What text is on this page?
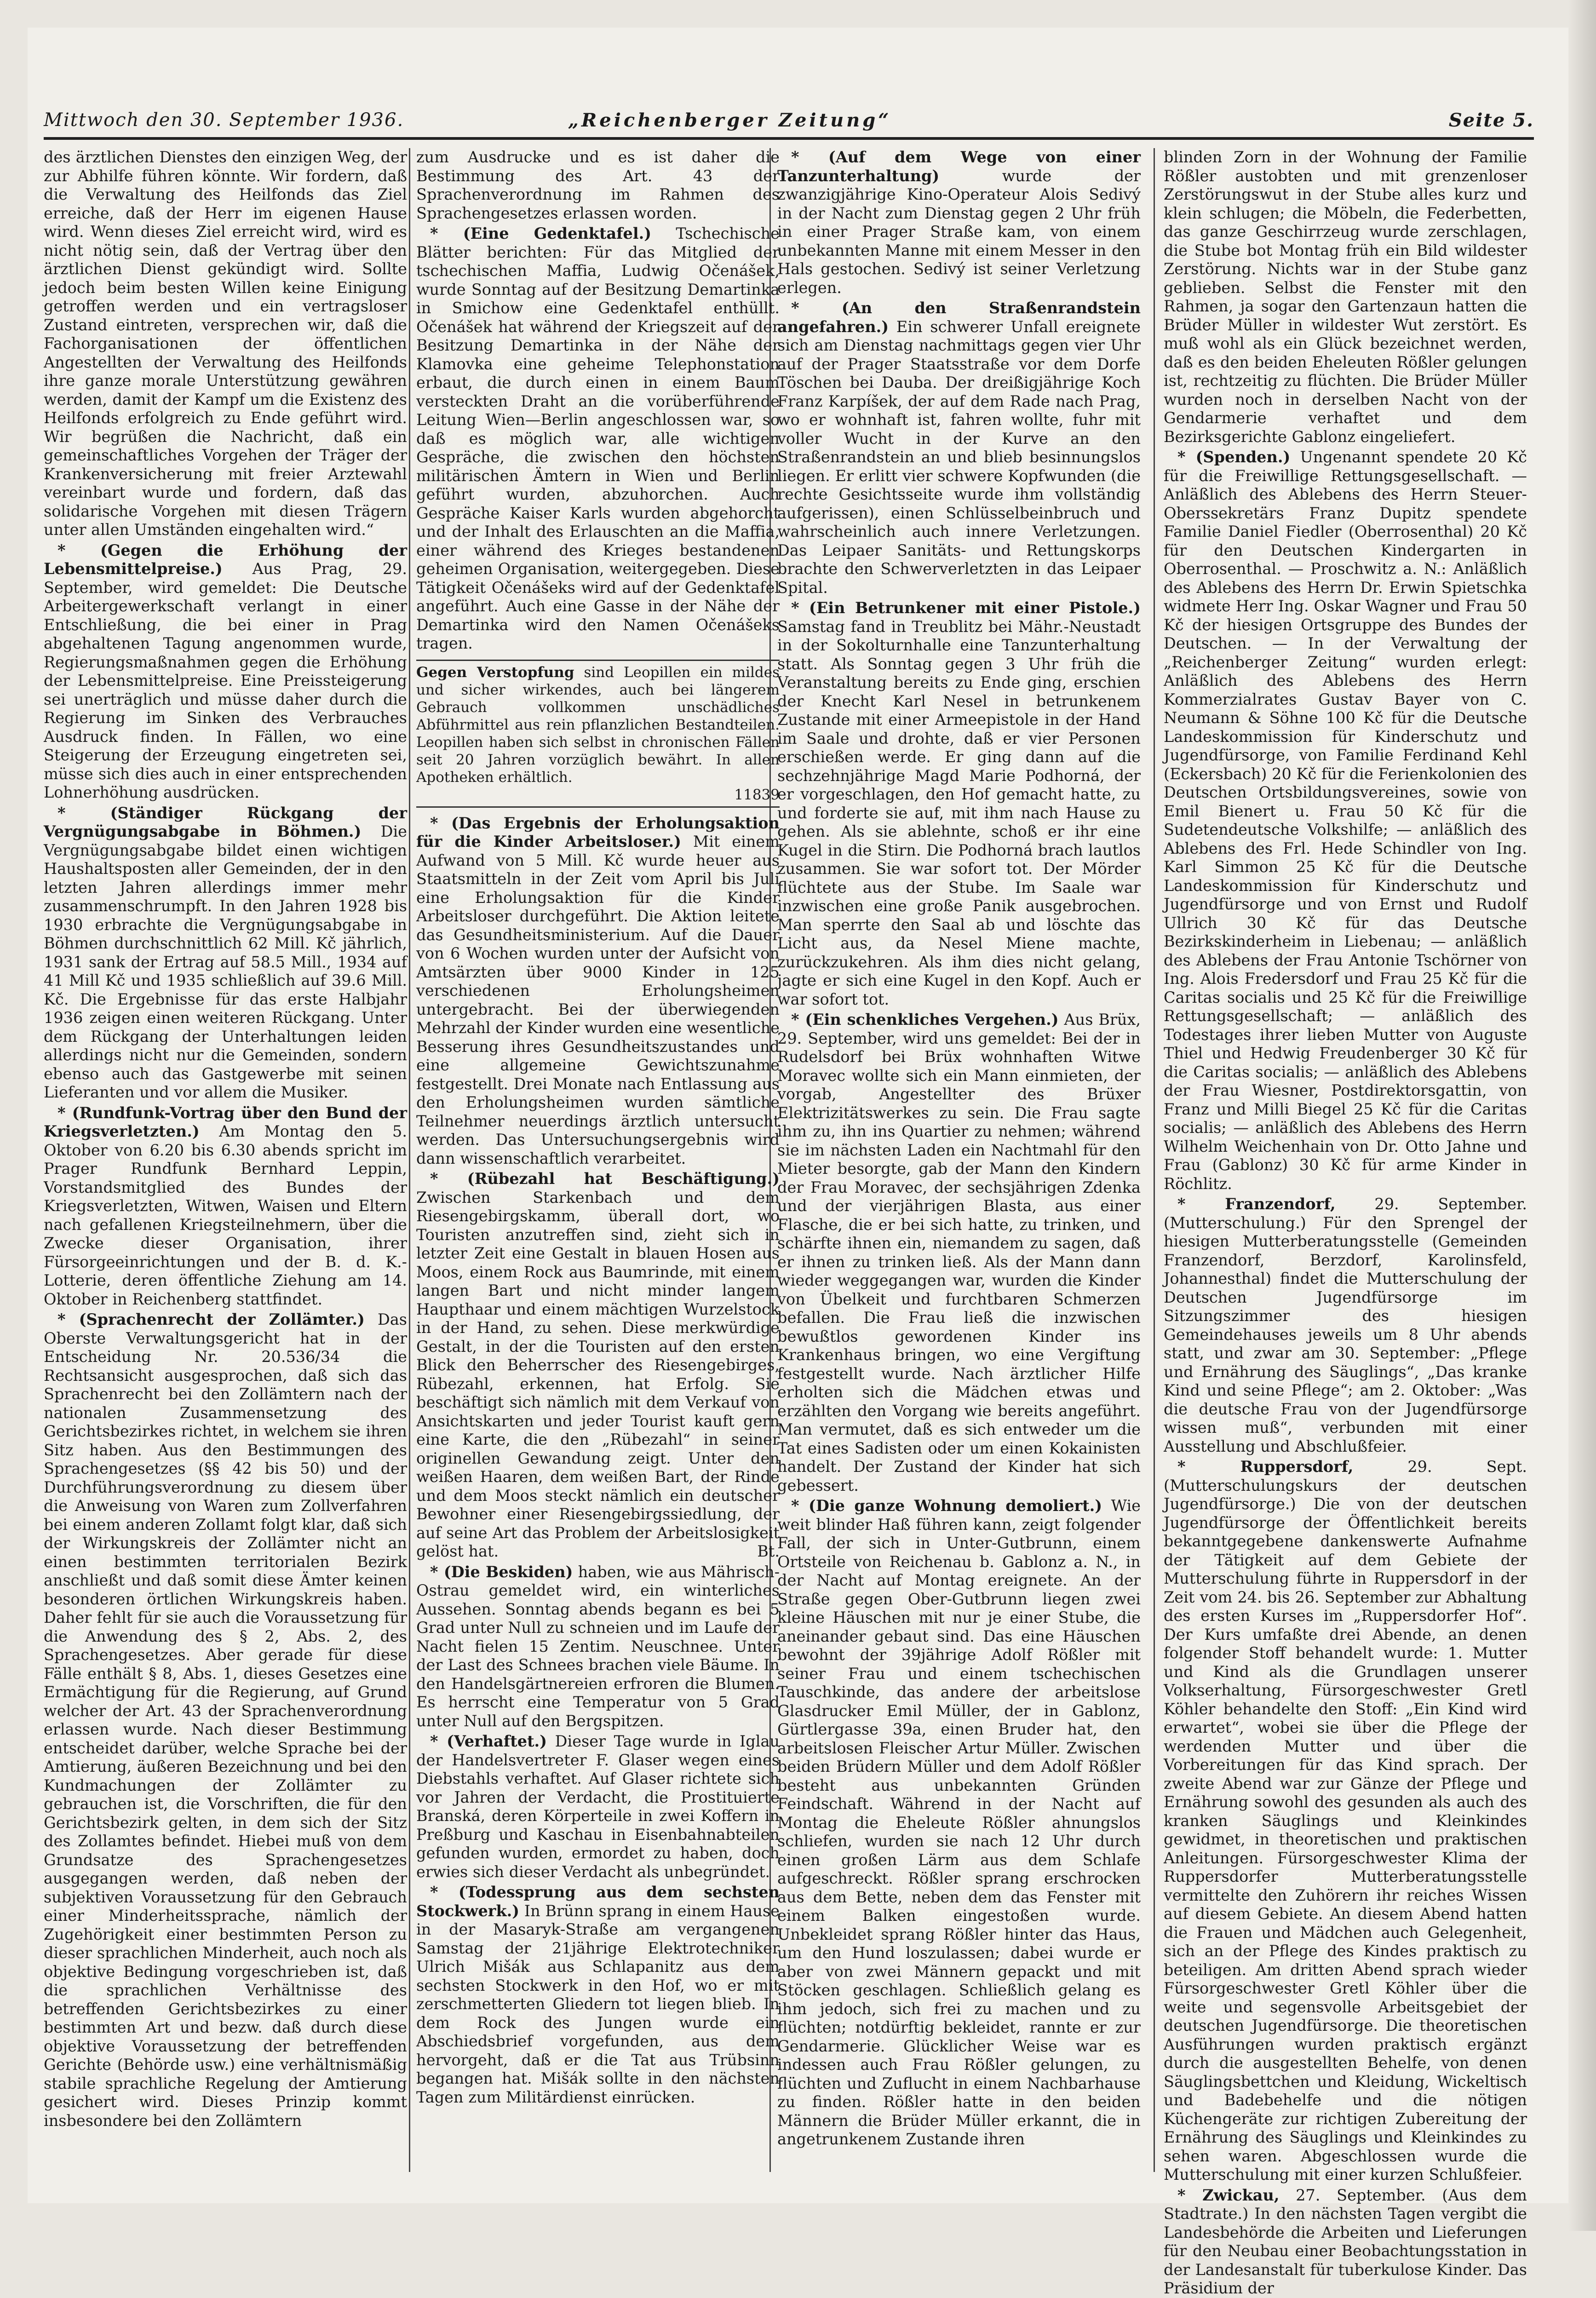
Mittwoch den 30. September 1936.	„Reichenberger Zeitung“	Seite 5.

des ärztlichen Dienstes den einzigen Weg, der zur Abhilfe führen könnte. Wir fordern, daß die Verwaltung des Heilfonds das Ziel erreiche, daß der Herr im eigenen Hause wird. Wenn dieses Ziel erreicht wird, wird es nicht nötig sein, daß der Vertrag über den ärztlichen Dienst gekündigt wird. Sollte jedoch beim besten Willen keine Einigung getroffen werden und ein vertragsloser Zustand eintreten, versprechen wir, daß die Fachorganisationen der öffentlichen Angestellten der Verwaltung des Heilfonds ihre ganze morale Unterstützung gewähren werden, damit der Kampf um die Existenz des Heilfonds erfolgreich zu Ende geführt wird. Wir begrüßen die Nachricht, daß ein gemeinschaftliches Vorgehen der Träger der Krankenversicherung mit freier Arztewahl vereinbart wurde und fordern, daß das solidarische Vorgehen mit diesen Trägern unter allen Umständen eingehalten wird.“

* (Gegen die Erhöhung der Lebensmittelpreise.) Aus Prag, 29. September, wird gemeldet: Die Deutsche Arbeitergewerkschaft verlangt in einer Entschließung, die bei einer in Prag abgehaltenen Tagung angenommen wurde, Regierungsmaßnahmen gegen die Erhöhung der Lebensmittelpreise. Eine Preissteigerung sei unerträglich und müsse daher durch die Regierung im Sinken des Verbrauches Ausdruck finden. In Fällen, wo eine Steigerung der Erzeugung eingetreten sei, müsse sich dies auch in einer entsprechenden Lohnerhöhung ausdrücken.

* (Ständiger Rückgang der Vergnügungsabgabe in Böhmen.) Die Vergnügungsabgabe bildet einen wichtigen Haushaltsposten aller Gemeinden, der in den letzten Jahren allerdings immer mehr zusammenschrumpft. In den Jahren 1928 bis 1930 erbrachte die Vergnügungsabgabe in Böhmen durchschnittlich 62 Mill. Kč jährlich, 1931 sank der Ertrag auf 58.5 Mill., 1934 auf 41 Mill Kč und 1935 schließlich auf 39.6 Mill. Kč. Die Ergebnisse für das erste Halbjahr 1936 zeigen einen weiteren Rückgang. Unter dem Rückgang der Unterhaltungen leiden allerdings nicht nur die Gemeinden, sondern ebenso auch das Gastgewerbe mit seinen Lieferanten und vor allem die Musiker.

* (Rundfunk-Vortrag über den Bund der Kriegsverletzten.) Am Montag den 5. Oktober von 6.20 bis 6.30 abends spricht im Prager Rundfunk Bernhard Leppin, Vorstandsmitglied des Bundes der Kriegsverletzten, Witwen, Waisen und Eltern nach gefallenen Kriegsteilnehmern, über die Zwecke dieser Organisation, ihrer Fürsorgeeinrichtungen und der B. d. K.-Lotterie, deren öffentliche Ziehung am 14. Oktober in Reichenberg stattfindet.

* (Sprachenrecht der Zollämter.) Das Oberste Verwaltungsgericht hat in der Entscheidung Nr. 20.536/34 die Rechtsansicht ausgesprochen, daß sich das Sprachenrecht bei den Zollämtern nach der nationalen Zusammensetzung des Gerichtsbezirkes richtet, in welchem sie ihren Sitz haben. Aus den Bestimmungen des Sprachengesetzes (§§ 42 bis 50) und der Durchführungsverordnung zu diesem über die Anweisung von Waren zum Zollverfahren bei einem anderen Zollamt folgt klar, daß sich der Wirkungskreis der Zollämter nicht an einen bestimmten territorialen Bezirk anschließt und daß somit diese Ämter keinen besonderen örtlichen Wirkungskreis haben. Daher fehlt für sie auch die Voraussetzung für die Anwendung des § 2, Abs. 2, des Sprachengesetzes. Aber gerade für diese Fälle enthält § 8, Abs. 1, dieses Gesetzes eine Ermächtigung für die Regierung, auf Grund welcher der Art. 43 der Sprachenverordnung erlassen wurde. Nach dieser Bestimmung entscheidet darüber, welche Sprache bei der Amtierung, äußeren Bezeichnung und bei den Kundmachungen der Zollämter zu gebrauchen ist, die Vorschriften, die für den Gerichtsbezirk gelten, in dem sich der Sitz des Zollamtes befindet. Hiebei muß von dem Grundsatze des Sprachengesetzes ausgegangen werden, daß neben der subjektiven Voraussetzung für den Gebrauch einer Minderheitssprache, nämlich der Zugehörigkeit einer bestimmten Person zu dieser sprachlichen Minderheit, auch noch als objektive Bedingung vorgeschrieben ist, daß die sprachlichen Verhältnisse des betreffenden Gerichtsbezirkes zu einer bestimmten Art und bezw. daß durch diese objektive Voraussetzung der betreffenden Gerichte (Behörde usw.) eine verhältnismäßig stabile sprachliche Regelung der Amtierung gesichert wird. Dieses Prinzip kommt insbesondere bei den Zollämtern

zum Ausdrucke und es ist daher die Bestimmung des Art. 43 der Sprachenverordnung im Rahmen des Sprachengesetzes erlassen worden.

* (Eine Gedenktafel.) Tschechische Blätter berichten: Für das Mitglied der tschechischen Maffia, Ludwig Očenášek, wurde Sonntag auf der Besitzung Demartinka in Smichow eine Gedenktafel enthüllt. Očenášek hat während der Kriegszeit auf der Besitzung Demartinka in der Nähe der Klamovka eine geheime Telephonstation erbaut, die durch einen in einem Baum versteckten Draht an die vorüberführende Leitung Wien—Berlin angeschlossen war, so daß es möglich war, alle wichtigen Gespräche, die zwischen den höchsten militärischen Ämtern in Wien und Berlin geführt wurden, abzuhorchen. Auch Gespräche Kaiser Karls wurden abgehorcht und der Inhalt des Erlauschten an die Maffia, einer während des Krieges bestandenen geheimen Organisation, weitergegeben. Diese Tätigkeit Očenášeks wird auf der Gedenktafel angeführt. Auch eine Gasse in der Nähe der Demartinka wird den Namen Očenášeks tragen.

Gegen Verstopfung sind Leopillen ein mildes und sicher wirkendes, auch bei längerem Gebrauch vollkommen unschädliches Abführmittel aus rein pflanzlichen Bestandteilen. Leopillen haben sich selbst in chronischen Fällen seit 20 Jahren vorzüglich bewährt. In allen Apotheken erhältlich.
11839

* (Das Ergebnis der Erholungsaktion für die Kinder Arbeitsloser.) Mit einem Aufwand von 5 Mill. Kč wurde heuer aus Staatsmitteln in der Zeit vom April bis Juli eine Erholungsaktion für die Kinder Arbeitsloser durchgeführt. Die Aktion leitete das Gesundheitsministerium. Auf die Dauer von 6 Wochen wurden unter der Aufsicht von Amtsärzten über 9000 Kinder in 125 verschiedenen Erholungsheimen untergebracht. Bei der überwiegenden Mehrzahl der Kinder wurden eine wesentliche Besserung ihres Gesundheitszustandes und eine allgemeine Gewichtszunahme festgestellt. Drei Monate nach Entlassung aus den Erholungsheimen wurden sämtliche Teilnehmer neuerdings ärztlich untersucht werden. Das Untersuchungsergebnis wird dann wissenschaftlich verarbeitet.

* (Rübezahl hat Beschäftigung.) Zwischen Starkenbach und dem Riesengebirgskamm, überall dort, wo Touristen anzutreffen sind, zieht sich in letzter Zeit eine Gestalt in blauen Hosen aus Moos, einem Rock aus Baumrinde, mit einem langen Bart und nicht minder langem Haupthaar und einem mächtigen Wurzelstock in der Hand, zu sehen. Diese merkwürdige Gestalt, in der die Touristen auf den ersten Blick den Beherrscher des Riesengebirges, Rübezahl, erkennen, hat Erfolg. Sie beschäftigt sich nämlich mit dem Verkauf von Ansichtskarten und jeder Tourist kauft gern eine Karte, die den „Rübezahl“ in seiner originellen Gewandung zeigt. Unter den weißen Haaren, dem weißen Bart, der Rinde und dem Moos steckt nämlich ein deutscher Bewohner einer Riesengebirgssiedlung, der auf seine Art das Problem der Arbeitslosigkeit gelöst hat.	Bt.

* (Die Beskiden) haben, wie aus Mährisch-Ostrau gemeldet wird, ein winterliches Aussehen. Sonntag abends begann es bei 5 Grad unter Null zu schneien und im Laufe der Nacht fielen 15 Zentim. Neuschnee. Unter der Last des Schnees brachen viele Bäume. In den Handelsgärtnereien erfroren die Blumen. Es herrscht eine Temperatur von 5 Grad unter Null auf den Bergspitzen.

* (Verhaftet.) Dieser Tage wurde in Iglau der Handelsvertreter F. Glaser wegen eines Diebstahls verhaftet. Auf Glaser richtete sich vor Jahren der Verdacht, die Prostituierte Branská, deren Körperteile in zwei Koffern in Preßburg und Kaschau in Eisenbahnabteilen gefunden wurden, ermordet zu haben, doch erwies sich dieser Verdacht als unbegründet.

* (Todessprung aus dem sechsten Stockwerk.) In Brünn sprang in einem Hause in der Masaryk-Straße am vergangenen Samstag der 21jährige Elektrotechniker Ulrich Mišák aus Schlapanitz aus dem sechsten Stockwerk in den Hof, wo er mit zerschmetterten Gliedern tot liegen blieb. In dem Rock des Jungen wurde ein Abschiedsbrief vorgefunden, aus dem hervorgeht, daß er die Tat aus Trübsinn begangen hat. Mišák sollte in den nächsten Tagen zum Militärdienst einrücken.

* (Auf dem Wege von einer Tanzunterhaltung)	wurde der zwanzigjährige Kino-Operateur Alois Sedivý in der Nacht zum Dienstag gegen 2 Uhr früh in einer Prager Straße kam, von einem unbekannten Manne mit einem Messer in den Hals gestochen. Sedivý ist seiner Verletzung erlegen.

* (An den Straßenrandstein angefahren.) Ein schwerer Unfall ereignete sich am Dienstag nachmittags gegen vier Uhr auf der Prager Staatsstraße vor dem Dorfe Töschen bei Dauba. Der dreißigjährige Koch Franz Karpíšek, der auf dem Rade nach Prag, wo er wohnhaft ist, fahren wollte, fuhr mit voller Wucht in der Kurve an den Straßenrandstein an und blieb besinnungslos liegen. Er erlitt vier schwere Kopfwunden (die rechte Gesichtsseite wurde ihm vollständig aufgerissen), einen Schlüsselbeinbruch und wahrscheinlich auch innere Verletzungen. Das Leipaer Sanitäts- und Rettungskorps brachte den Schwerverletzten in das Leipaer Spital.

* (Ein Betrunkener mit einer Pistole.) Samstag fand in Treublitz bei Mähr.-Neustadt in der Sokolturnhalle eine Tanzunterhaltung statt. Als Sonntag gegen 3 Uhr früh die Veranstaltung bereits zu Ende ging, erschien der Knecht Karl Nesel in betrunkenem Zustande mit einer Armeepistole in der Hand im Saale und drohte, daß er vier Personen erschießen werde. Er ging dann auf die sechzehnjährige Magd Marie Podhorná, der er vorgeschlagen, den Hof gemacht hatte, zu und forderte sie auf, mit ihm nach Hause zu gehen. Als sie ablehnte, schoß er ihr eine Kugel in die Stirn. Die Podhorná brach lautlos zusammen. Sie war sofort tot. Der Mörder flüchtete aus der Stube. Im Saale war inzwischen eine große Panik ausgebrochen. Man sperrte den Saal ab und löschte das Licht aus, da Nesel Miene machte, zurückzukehren. Als ihm dies nicht gelang, jagte er sich eine Kugel in den Kopf. Auch er war sofort tot.

* (Ein schenkliches Vergehen.) Aus Brüx, 29. September, wird uns gemeldet: Bei der in Rudelsdorf bei Brüx wohnhaften Witwe Moravec wollte sich ein Mann einmieten, der vorgab, Angestellter des Brüxer Elektrizitätswerkes zu sein. Die Frau sagte ihm zu, ihn ins Quartier zu nehmen; während sie im nächsten Laden ein Nachtmahl für den Mieter besorgte, gab der Mann den Kindern der Frau Moravec, der sechsjährigen Zdenka und der vierjährigen Blasta, aus einer Flasche, die er bei sich hatte, zu trinken, und schärfte ihnen ein, niemandem zu sagen, daß er ihnen zu trinken ließ. Als der Mann dann wieder weggegangen war, wurden die Kinder von Übelkeit und furchtbaren Schmerzen befallen. Die Frau ließ die inzwischen bewußtlos gewordenen Kinder ins Krankenhaus bringen, wo eine Vergiftung festgestellt wurde. Nach ärztlicher Hilfe erholten sich die Mädchen etwas und erzählten den Vorgang wie bereits angeführt. Man vermutet, daß es sich entweder um die Tat eines Sadisten oder um einen Kokainisten handelt. Der Zustand der Kinder hat sich gebessert.

* (Die ganze Wohnung demoliert.) Wie weit blinder Haß führen kann, zeigt folgender Fall, der sich in Unter-Gutbrunn, einem Ortsteile von Reichenau b. Gablonz a. N., in der Nacht auf Montag ereignete. An der Straße gegen Ober-Gutbrunn liegen zwei kleine Häuschen mit nur je einer Stube, die aneinander gebaut sind. Das eine Häuschen bewohnt der 39jährige Adolf Rößler mit seiner Frau und einem tschechischen Tauschkinde, das andere der arbeitslose Glasdrucker Emil Müller, der in Gablonz, Gürtlergasse 39a, einen Bruder hat, den arbeitslosen Fleischer Artur Müller. Zwischen beiden Brüdern Müller und dem Adolf Rößler besteht aus unbekannten Gründen Feindschaft. Während in der Nacht auf Montag die Eheleute Rößler ahnungslos schliefen, wurden sie nach 12 Uhr durch einen großen Lärm aus dem Schlafe aufgeschreckt. Rößler sprang erschrocken aus dem Bette, neben dem das Fenster mit einem Balken eingestoßen wurde. Unbekleidet sprang Rößler hinter das Haus, um den Hund loszulassen; dabei wurde er aber von zwei Männern gepackt und mit Stöcken geschlagen. Schließlich gelang es ihm jedoch, sich frei zu machen und zu flüchten; notdürftig bekleidet, rannte er zur Gendarmerie. Glücklicher Weise war es indessen auch Frau Rößler gelungen, zu flüchten und Zuflucht in einem Nachbarhause zu finden. Rößler hatte in den beiden Männern die Brüder Müller erkannt, die in angetrunkenem Zustande ihren

blinden Zorn in der Wohnung der Familie Rößler austobten und mit grenzenloser Zerstörungswut in der Stube alles kurz und klein schlugen; die Möbeln, die Federbetten, das ganze Geschirrzeug wurde zerschlagen, die Stube bot Montag früh ein Bild wildester Zerstörung. Nichts war in der Stube ganz geblieben. Selbst die Fenster mit den Rahmen, ja sogar den Gartenzaun hatten die Brüder Müller in wildester Wut zerstört. Es muß wohl als ein Glück bezeichnet werden, daß es den beiden Eheleuten Rößler gelungen ist, rechtzeitig zu flüchten. Die Brüder Müller wurden noch in derselben Nacht von der Gendarmerie verhaftet und dem Bezirksgerichte Gablonz eingeliefert.

* (Spenden.) Ungenannt spendete 20 Kč für die Freiwillige Rettungsgesellschaft. — Anläßlich des Ablebens des Herrn Steuer-Oberssekretärs Franz Dupitz spendete Familie Daniel Fiedler (Oberrosenthal) 20 Kč für den Deutschen Kindergarten in Oberrosenthal. — Proschwitz a. N.: Anläßlich des Ablebens des Herrn Dr. Erwin Spietschka widmete Herr Ing. Oskar Wagner und Frau 50 Kč der hiesigen Ortsgruppe des Bundes der Deutschen. — In der Verwaltung der „Reichenberger Zeitung“ wurden erlegt: Anläßlich des Ablebens des Herrn Kommerzialrates Gustav Bayer von C. Neumann & Söhne 100 Kč für die Deutsche Landeskommission für Kinderschutz und Jugendfürsorge, von Familie Ferdinand Kehl (Eckersbach) 20 Kč für die Ferienkolonien des Deutschen Ortsbildungsvereines, sowie von Emil Bienert u. Frau 50 Kč für die Sudetendeutsche Volkshilfe; — anläßlich des Ablebens des Frl. Hede Schindler von Ing. Karl Simmon 25 Kč für die Deutsche Landeskommission für Kinderschutz und Jugendfürsorge und von Ernst und Rudolf Ullrich 30 Kč für das Deutsche Bezirkskinderheim in Liebenau; — anläßlich des Ablebens der Frau Antonie Tschörner von Ing. Alois Fredersdorf und Frau 25 Kč für die Caritas socialis und 25 Kč für die Freiwillige Rettungsgesellschaft; — anläßlich des Todestages ihrer lieben Mutter von Auguste Thiel und Hedwig Freudenberger 30 Kč für die Caritas socialis; — anläßlich des Ablebens der Frau Wiesner, Postdirektorsgattin, von Franz und Milli Biegel 25 Kč für die Caritas socialis; — anläßlich des Ablebens des Herrn Wilhelm Weichenhain von Dr. Otto Jahne und Frau (Gablonz) 30 Kč für arme Kinder in Röchlitz.

* Franzendorf,	29. September. (Mutterschulung.) Für den Sprengel der hiesigen Mutterberatungsstelle (Gemeinden Franzendorf, Berzdorf, Karolinsfeld, Johannesthal) findet die Mutterschulung der Deutschen Jugendfürsorge im Sitzungszimmer des hiesigen Gemeindehauses jeweils um 8 Uhr abends statt, und zwar am 30. September: „Pflege und Ernährung des Säuglings“, „Das kranke Kind und seine Pflege“; am 2. Oktober: „Was die deutsche Frau von der Jugendfürsorge wissen muß“, verbunden mit einer Ausstellung und Abschlußfeier.

* Ruppersdorf,	29. Sept. (Mutterschulungskurs der deutschen Jugendfürsorge.) Die von der deutschen Jugendfürsorge der Öffentlichkeit bereits bekanntgegebene dankenswerte Aufnahme der Tätigkeit auf dem Gebiete der Mutterschulung führte in Ruppersdorf in der Zeit vom 24. bis 26. September zur Abhaltung des ersten Kurses im „Ruppersdorfer Hof“. Der Kurs umfaßte drei Abende, an denen folgender Stoff behandelt wurde: 1. Mutter und Kind als die Grundlagen unserer Volkserhaltung, Fürsorgeschwester Gretl Köhler behandelte den Stoff: „Ein Kind wird erwartet“, wobei sie über die Pflege der werdenden Mutter und über die Vorbereitungen für das Kind sprach. Der zweite Abend war zur Gänze der Pflege und Ernährung sowohl des gesunden als auch des kranken Säuglings und Kleinkindes gewidmet, in theoretischen und praktischen Anleitungen. Fürsorgeschwester Klima der Ruppersdorfer Mutterberatungsstelle vermittelte den Zuhörern ihr reiches Wissen auf diesem Gebiete. An diesem Abend hatten die Frauen und Mädchen auch Gelegenheit, sich an der Pflege des Kindes praktisch zu beteiligen. Am dritten Abend sprach wieder Fürsorgeschwester Gretl Köhler über die weite und segensvolle Arbeitsgebiet der deutschen Jugendfürsorge. Die theoretischen Ausführungen wurden praktisch ergänzt durch die ausgestellten Behelfe, von denen Säuglingsbettchen und Kleidung, Wickeltisch und Badebehelfe und die nötigen Küchengeräte zur richtigen Zubereitung der Ernährung des Säuglings und Kleinkindes zu sehen waren. Abgeschlossen wurde die Mutterschulung mit einer kurzen Schlußfeier.

* Zwickau, 27. September. (Aus dem Stadtrate.) In den nächsten Tagen vergibt die Landesbehörde die Arbeiten und Lieferungen für den Neubau einer Beobachtungsstation in der Landesanstalt für tuberkulose Kinder. Das Präsidium der
